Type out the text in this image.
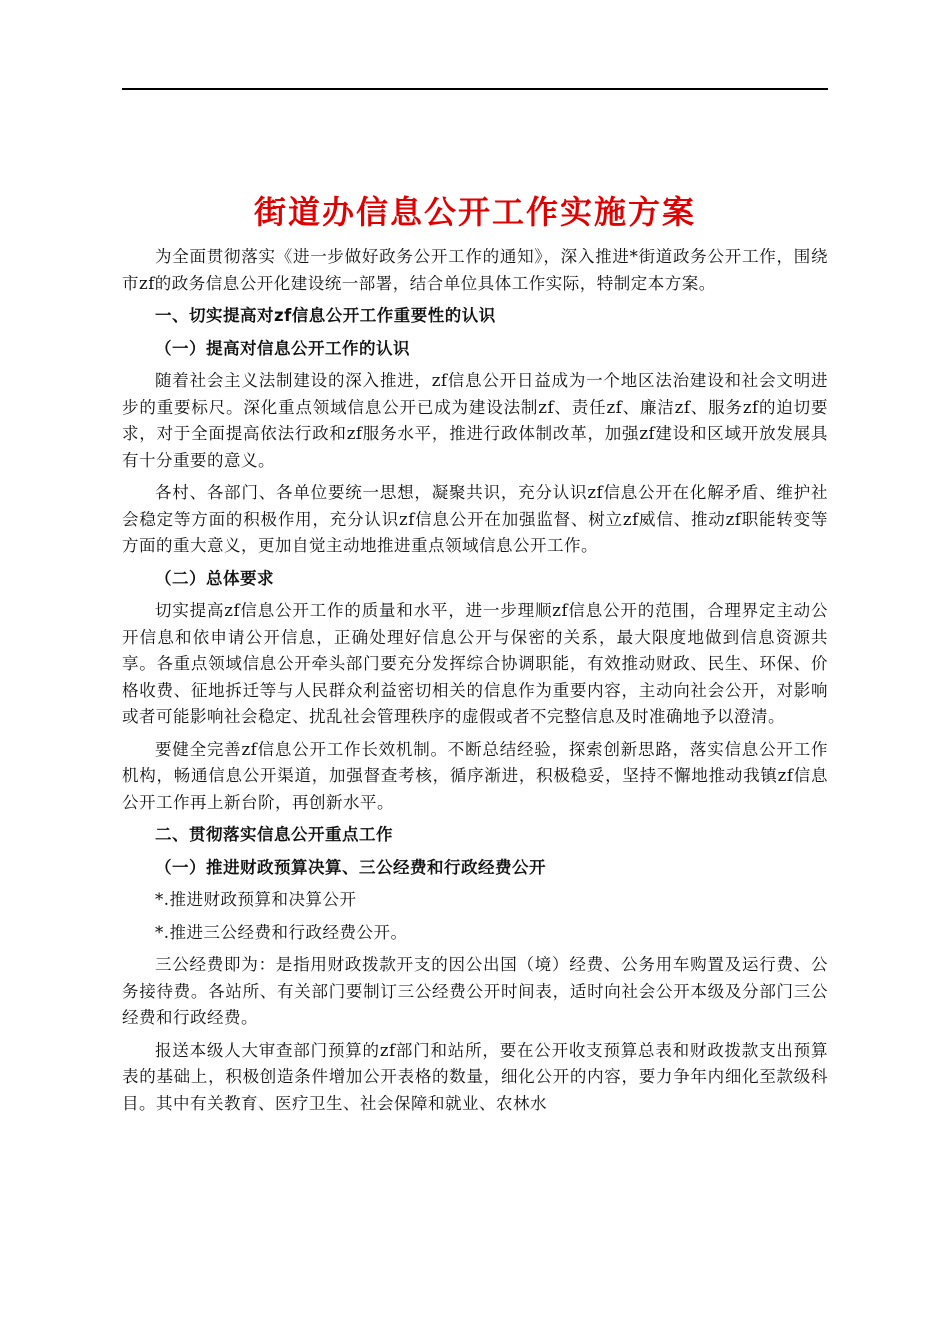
街道办信息公开工作实施方案

为全面贯彻落实《进一步做好政务公开工作的通知》，深入推进*街道政务公开工作，围绕市zf的政务信息公开化建设统一部署，结合单位具体工作实际，特制定本方案。

一、切实提高对zf信息公开工作重要性的认识

（一）提高对信息公开工作的认识

随着社会主义法制建设的深入推进，zf信息公开日益成为一个地区法治建设和社会文明进步的重要标尺。深化重点领域信息公开已成为建设法制zf、责任zf、廉洁zf、服务zf的迫切要求，对于全面提高依法行政和zf服务水平，推进行政体制改革，加强zf建设和区域开放发展具有十分重要的意义。

各村、各部门、各单位要统一思想，凝聚共识，充分认识zf信息公开在化解矛盾、维护社会稳定等方面的积极作用，充分认识zf信息公开在加强监督、树立zf威信、推动zf职能转变等方面的重大意义，更加自觉主动地推进重点领域信息公开工作。

（二）总体要求

切实提高zf信息公开工作的质量和水平，进一步理顺zf信息公开的范围，合理界定主动公开信息和依申请公开信息，正确处理好信息公开与保密的关系，最大限度地做到信息资源共享。各重点领域信息公开牵头部门要充分发挥综合协调职能，有效推动财政、民生、环保、价格收费、征地拆迁等与人民群众利益密切相关的信息作为重要内容，主动向社会公开，对影响或者可能影响社会稳定、扰乱社会管理秩序的虚假或者不完整信息及时准确地予以澄清。

要健全完善zf信息公开工作长效机制。不断总结经验，探索创新思路，落实信息公开工作机构，畅通信息公开渠道，加强督查考核，循序渐进，积极稳妥，坚持不懈地推动我镇zf信息公开工作再上新台阶，再创新水平。

二、贯彻落实信息公开重点工作

（一）推进财政预算决算、三公经费和行政经费公开

*.推进财政预算和决算公开

*.推进三公经费和行政经费公开。

三公经费即为：是指用财政拨款开支的因公出国（境）经费、公务用车购置及运行费、公务接待费。各站所、有关部门要制订三公经费公开时间表，适时向社会公开本级及分部门三公经费和行政经费。

报送本级人大审查部门预算的zf部门和站所，要在公开收支预算总表和财政拨款支出预算表的基础上，积极创造条件增加公开表格的数量，细化公开的内容，要力争年内细化至款级科目。其中有关教育、医疗卫生、社会保障和就业、农林水
